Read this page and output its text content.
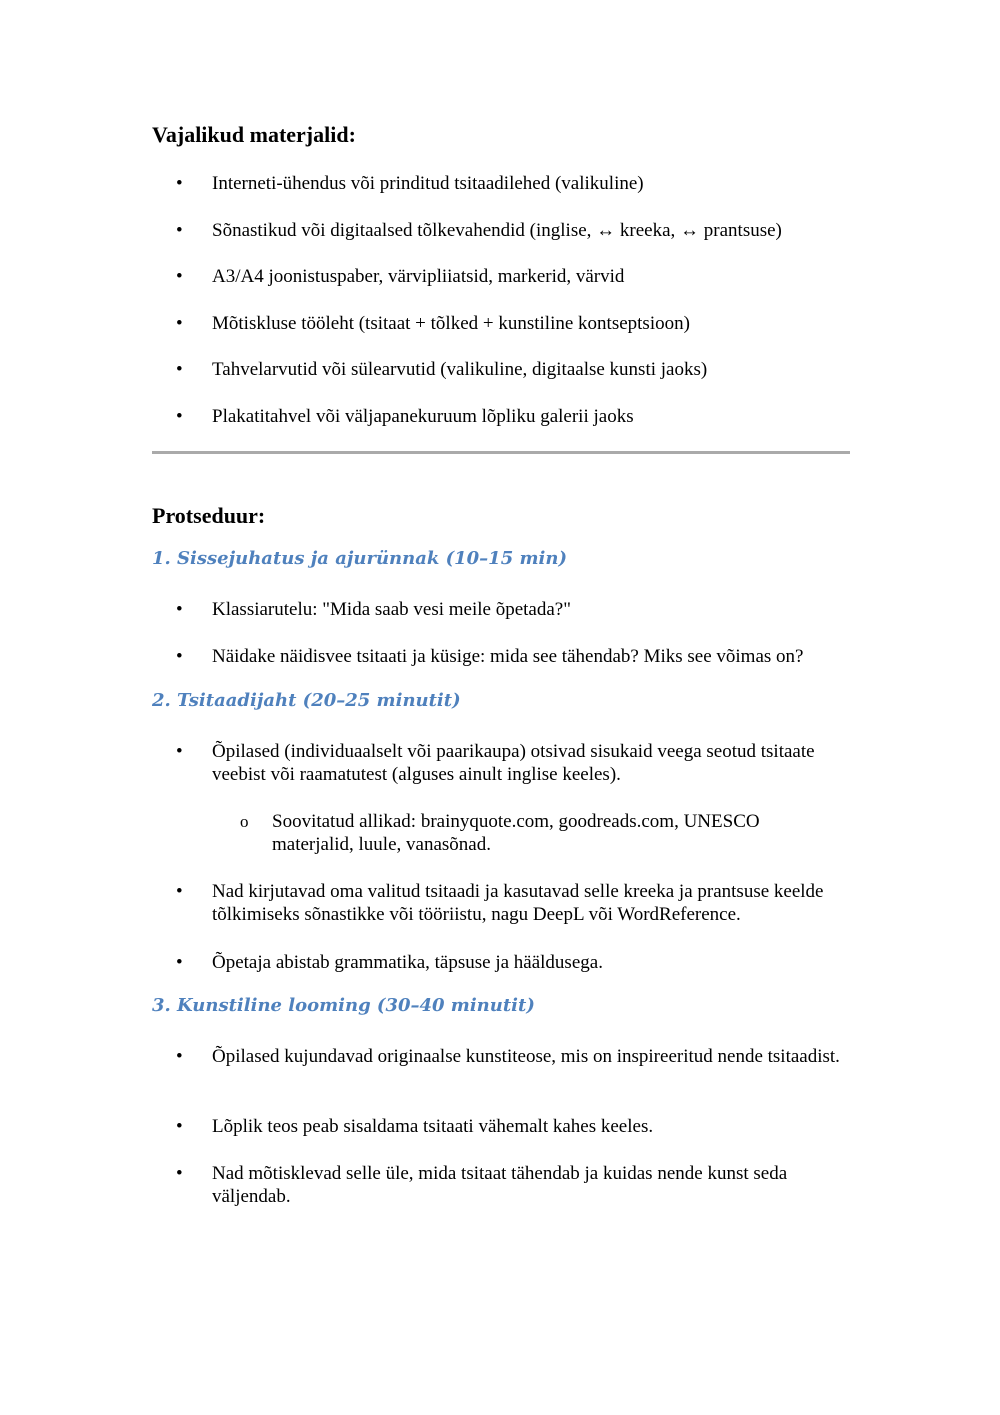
Vajalikud materjalid:
• Interneti-ühendus või prinditud tsitaadilehed (valikuline)
• Sõnastikud või digitaalsed tõlkevahendid (inglise, ↔ kreeka, ↔ prantsuse)
• A3/A4 joonistuspaber, värvipliiatsid, markerid, värvid
• Mõtiskluse tööleht (tsitaat + tõlked + kunstiline kontseptsioon)
• Tahvelarvutid või sülearvutid (valikuline, digitaalse kunsti jaoks)
• Plakatitahvel või väljapanekuruum lõpliku galerii jaoks
Protseduur:
1. Sissejuhatus ja ajurünnak (10–15 min)
• Klassiarutelu: "Mida saab vesi meile õpetada?"
• Näidake näidisvee tsitaati ja küsige: mida see tähendab? Miks see võimas on?
2. Tsitaadijaht (20–25 minutit)
• Õpilased (individuaalselt või paarikaupa) otsivad sisukaid veega seotud tsitaate veebist või raamatutest (alguses ainult inglise keeles).
o Soovitatud allikad: brainyquote.com, goodreads.com, UNESCO materjalid, luule, vanasõnad.
• Nad kirjutavad oma valitud tsitaadi ja kasutavad selle kreeka ja prantsuse keelde tõlkimiseks sõnastikke või tööriistu, nagu DeepL või WordReference.
• Õpetaja abistab grammatika, täpsuse ja hääldusega.
3. Kunstiline looming (30–40 minutit)
• Õpilased kujundavad originaalse kunstiteose, mis on inspireeritud nende tsitaadist.
• Lõplik teos peab sisaldama tsitaati vähemalt kahes keeles.
• Nad mõtisklevad selle üle, mida tsitaat tähendab ja kuidas nende kunst seda väljendab.
